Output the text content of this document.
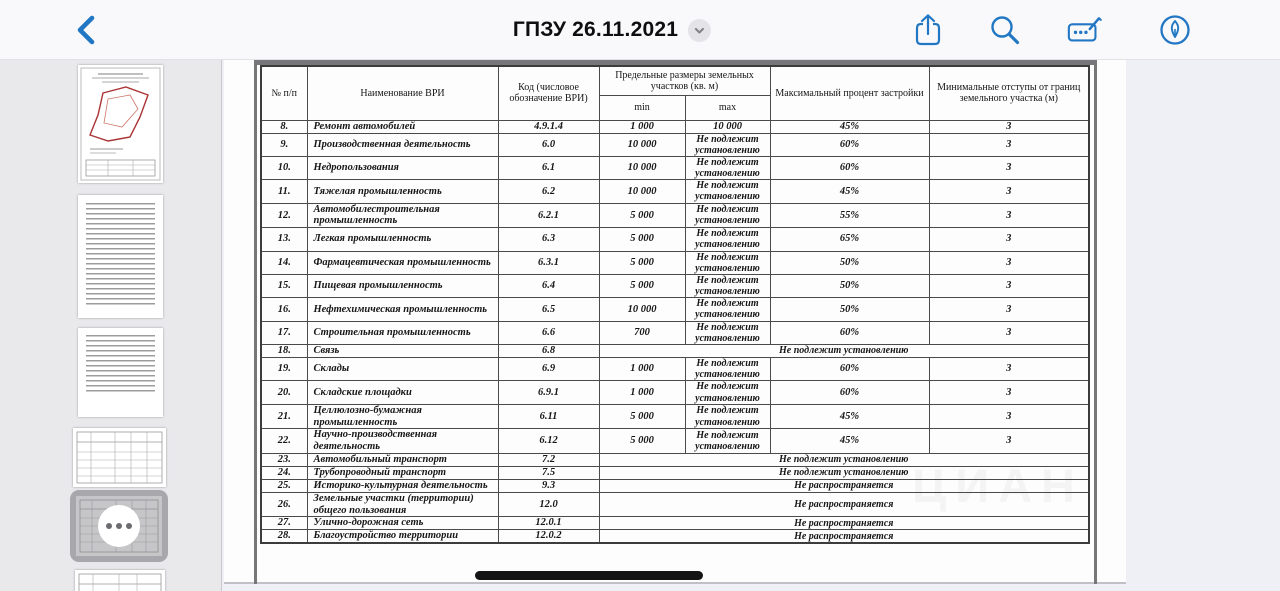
ГПЗУ 26.11.2021
ЦИАН
№ п/п	Наименование ВРИ	Код (числовое обозначение ВРИ)	Предельные размеры земельных участков (кв. м)		Максимальный процент застройки	Минимальные отступы от границ земельного участка (м)
			min	max		
8.	Ремонт автомобилей	4.9.1.4	1 000	10 000	45%	3
9.	Производственная деятельность	6.0	10 000	Не подлежит установлению	60%	3
10.	Недропользования	6.1	10 000	Не подлежит установлению	60%	3
11.	Тяжелая промышленность	6.2	10 000	Не подлежит установлению	45%	3
12.	Автомобилестроительная промышленность	6.2.1	5 000	Не подлежит установлению	55%	3
13.	Легкая промышленность	6.3	5 000	Не подлежит установлению	65%	3
14.	Фармацевтическая промышленность	6.3.1	5 000	Не подлежит установлению	50%	3
15.	Пищевая промышленность	6.4	5 000	Не подлежит установлению	50%	3
16.	Нефтехимическая промышленность	6.5	10 000	Не подлежит установлению	50%	3
17.	Строительная промышленность	6.6	700	Не подлежит установлению	60%	3
18.	Связь	6.8	Не подлежит установлению			
19.	Склады	6.9	1 000	Не подлежит установлению	60%	3
20.	Складские площадки	6.9.1	1 000	Не подлежит установлению	60%	3
21.	Целлюлозно-бумажная промышленность	6.11	5 000	Не подлежит установлению	45%	3
22.	Научно-производственная деятельность	6.12	5 000	Не подлежит установлению	45%	3
23.	Автомобильный транспорт	7.2	Не подлежит установлению			
24.	Трубопроводный транспорт	7.5	Не подлежит установлению			
25.	Историко-культурная деятельность	9.3	Не распространяется			
26.	Земельные участки (территории) общего пользования	12.0	Не распространяется			
27.	Улично-дорожная сеть	12.0.1	Не распространяется			
28.	Благоустройство территории	12.0.2	Не распространяется			
